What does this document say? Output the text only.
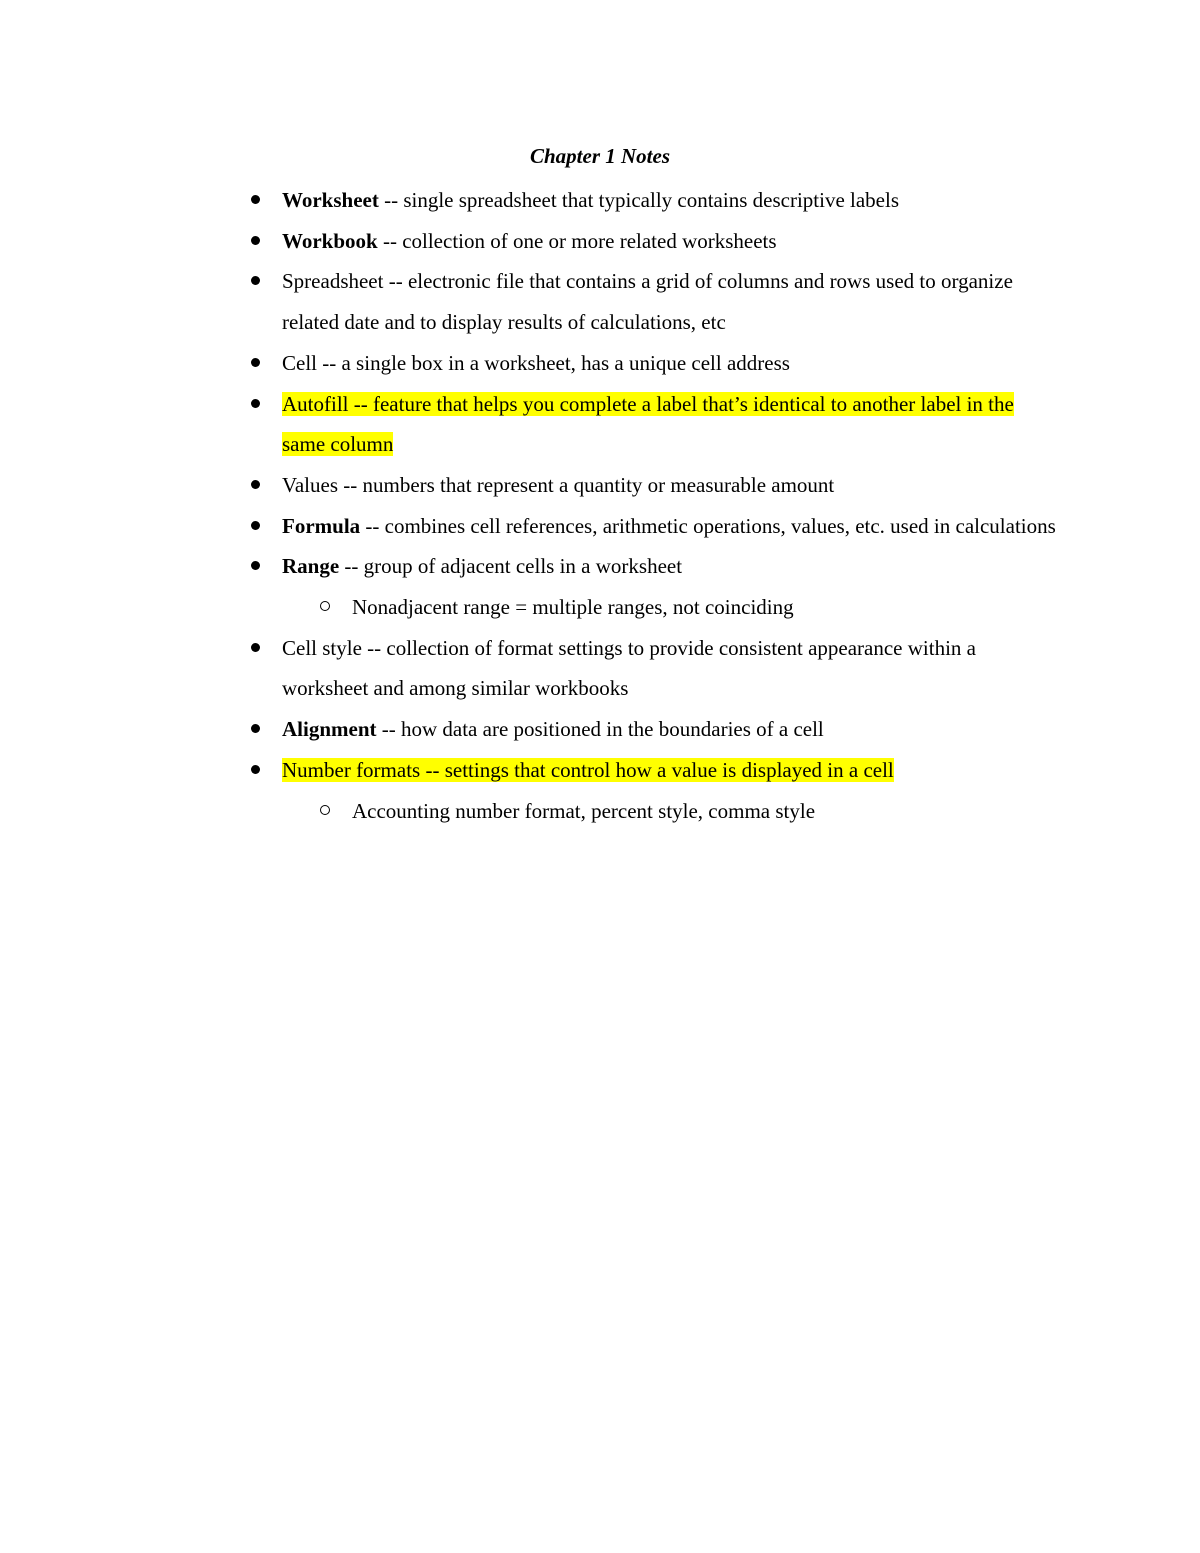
Chapter 1 Notes
Worksheet -- single spreadsheet that typically contains descriptive labels
Workbook -- collection of one or more related worksheets
Spreadsheet -- electronic file that contains a grid of columns and rows used to organize related date and to display results of calculations, etc
Cell -- a single box in a worksheet, has a unique cell address
Autofill -- feature that helps you complete a label that’s identical to another label in the same column
Values -- numbers that represent a quantity or measurable amount
Formula -- combines cell references, arithmetic operations, values, etc. used in calculations
Range -- group of adjacent cells in a worksheet
Nonadjacent range = multiple ranges, not coinciding
Cell style -- collection of format settings to provide consistent appearance within a worksheet and among similar workbooks
Alignment -- how data are positioned in the boundaries of a cell
Number formats -- settings that control how a value is displayed in a cell
Accounting number format, percent style, comma style
